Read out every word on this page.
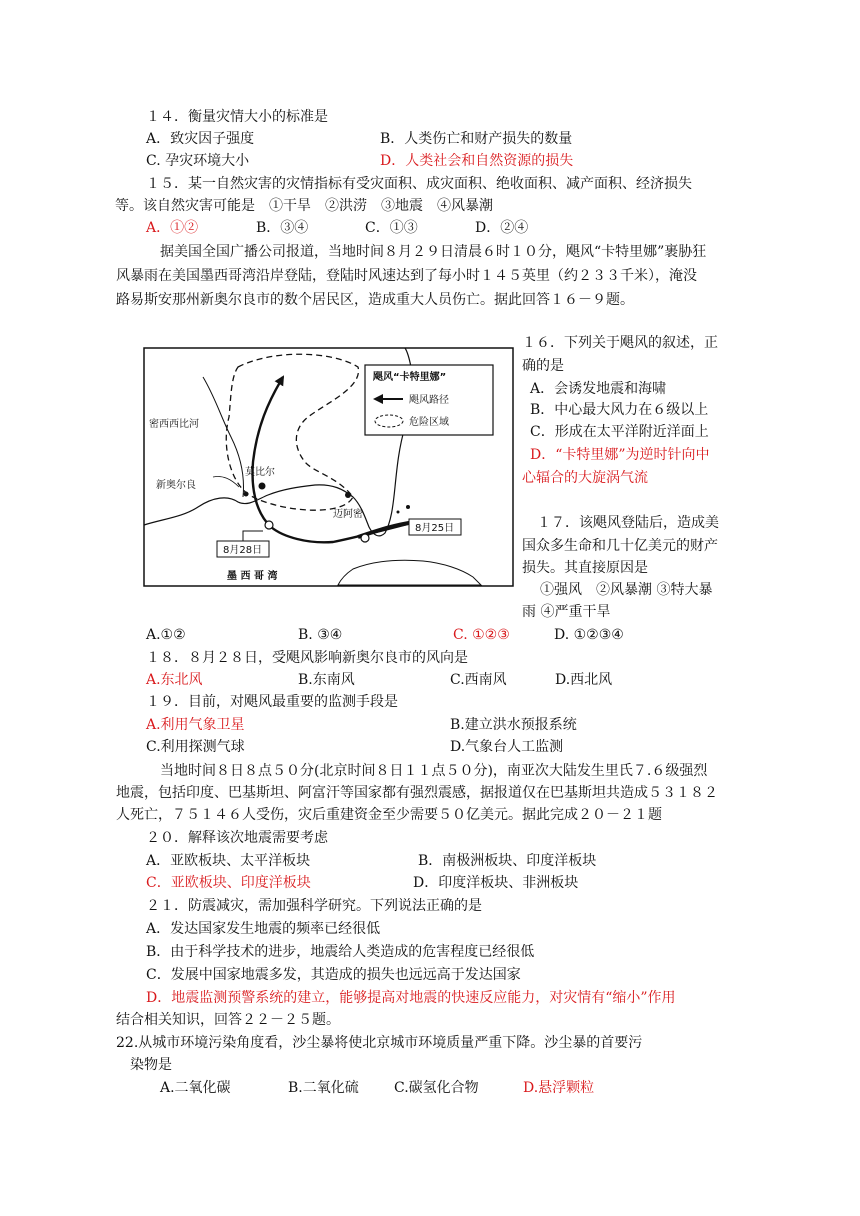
１４．衡量灾情大小的标准是
A．致灾因子强度	B．人类伤亡和财产损失的数量
C. 孕灾环境大小	D．人类社会和自然资源的损失
１５．某一自然灾害的灾情指标有受灾面积、成灾面积、绝收面积、减产面积、经济损失
等。该自然灾害可能是　①干旱　②洪涝　③地震　④风暴潮
A．①②	B．③④	C．①③	D．②④
据美国全国广播公司报道，当地时间８月２９日清晨６时１０分，飓风“卡特里娜”裹胁狂
风暴雨在美国墨西哥湾沿岸登陆，登陆时风速达到了每小时１４５英里（约２３３千米），淹没
路易斯安那州新奥尔良市的数个居民区，造成重大人员伤亡。据此回答１６－９题。
飓风“卡特里娜”
飓风路径
危险区域
密西西比河
莫比尔
新奥尔良
迈阿密
8月25日
8月28日
墨 西 哥 湾
１６．下列关于飓风的叙述，正
确的是
A．会诱发地震和海啸
B．中心最大风力在６级以上
C．形成在太平洋附近洋面上
D．“卡特里娜”为逆时针向中
心辐合的大旋涡气流
１７．该飓风登陆后，造成美
国众多生命和几十亿美元的财产
损失。其直接原因是
①强风　②风暴潮 ③特大暴
雨 ④严重干旱
A.①②	B. ③④	C. ①②③	D. ①②③④
１８．８月２８日，受飓风影响新奥尔良市的风向是
A.东北风	B.东南风	C.西南风	D.西北风
１９．目前，对飓风最重要的监测手段是
A.利用气象卫星	B.建立洪水预报系统
C.利用探测气球	D.气象台人工监测
当地时间８日８点５０分(北京时间８日１１点５０分)，南亚次大陆发生里氏７.６级强烈
地震，包括印度、巴基斯坦、阿富汗等国家都有强烈震感，据报道仅在巴基斯坦共造成５３１８２
人死亡，７５１４６人受伤，灾后重建资金至少需要５０亿美元。据此完成２０－２１题
２０．解释该次地震需要考虑
A．亚欧板块、太平洋板块	B．南极洲板块、印度洋板块
C．亚欧板块、印度洋板块	D．印度洋板块、非洲板块
２１．防震减灾，需加强科学研究。下列说法正确的是
A．发达国家发生地震的频率已经很低
B．由于科学技术的进步，地震给人类造成的危害程度已经很低
C．发展中国家地震多发，其造成的损失也远远高于发达国家
D．地震监测预警系统的建立，能够提高对地震的快速反应能力，对灾情有“缩小”作用
结合相关知识，回答２２－２５题。
22.从城市环境污染角度看，沙尘暴将使北京城市环境质量严重下降。沙尘暴的首要污
染物是
A.二氧化碳	B.二氧化硫	C.碳氢化合物	D.悬浮颗粒
